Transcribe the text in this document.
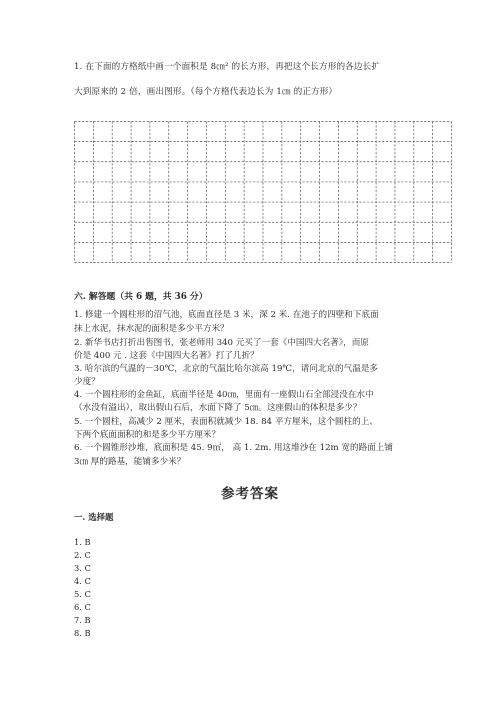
1. 在下面的方格纸中画一个面积是 8㎝² 的长方形，再把这个长方形的各边长扩
大到原来的 2 倍，画出图形。（每个方格代表边长为 1㎝ 的正方形）
六. 解答题（共 6 题，共 36 分）
1. 修建一个圆柱形的沼气池，底面直径是 3 米，深 2 米. 在池子的四壁和下底面
抹上水泥，抹水泥的面积是多少平方米？
2. 新华书店打折出售图书，张老师用 340 元买了一套《中国四大名著》，而原
价是 400 元 . 这套《中国四大名著》打了几折？
3. 哈尔滨的气温的－30℃，北京的气温比哈尔滨高 19℃，请问北京的气温是多
少度？
4. 一个圆柱形的金鱼缸，底面半径是 40㎝，里面有一座假山石全部浸没在水中
（水没有溢出），取出假山石后，水面下降了 5㎝。这座假山的体积是多少？
5. 一个圆柱，高减少 2 厘米，表面积就减少 18. 84 平方厘米，这个圆柱的上、
下两个底面面积的和是多少平方厘米？
6. 一个圆锥形沙堆，底面积是 45. 9㎡， 高 1. 2m. 用这堆沙在 12m 宽的路面上铺
3㎝ 厚的路基，能铺多少米？
参考答案
一. 选择题
1. B
2. C
3. C
4. C
5. C
6. C
7. B
8. B
